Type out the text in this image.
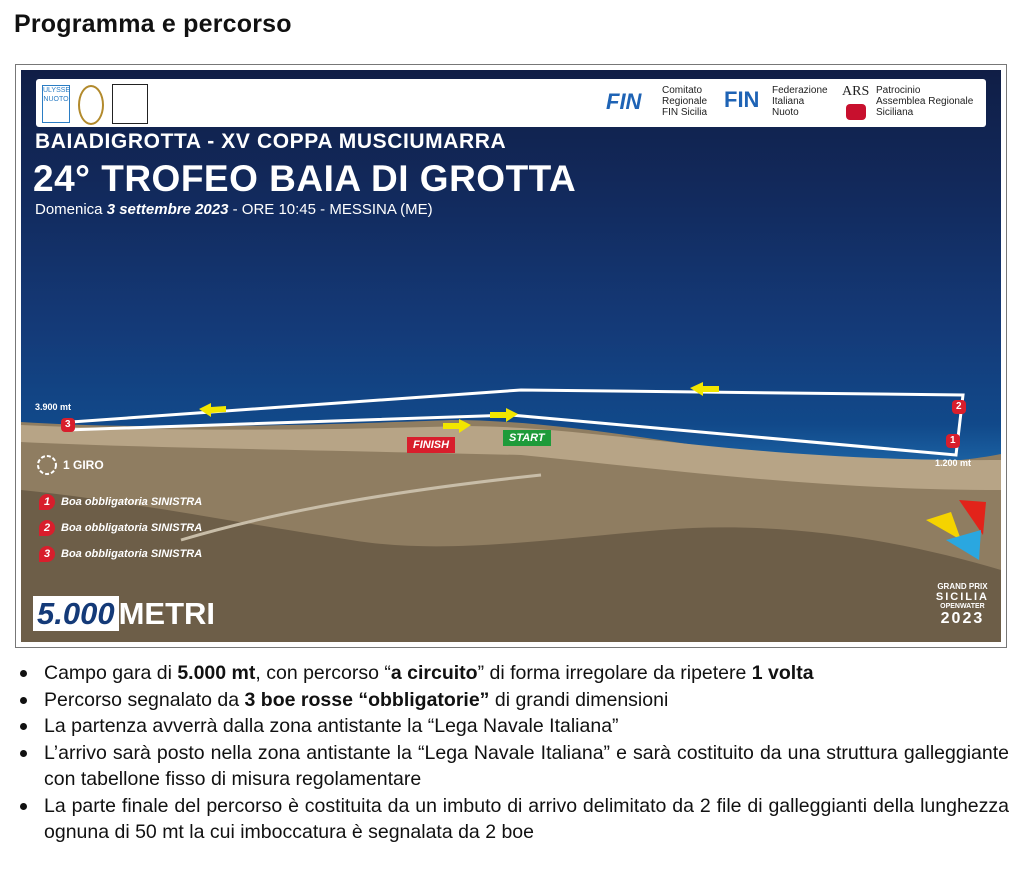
Programma e percorso
ULYSSE NUOTO	FIN Comitato
Regionale
FIN Sicilia
FIN Federazione
Italiana
Nuoto
ARS Patrocinio
Assemblea Regionale
Siciliana
BAIADIGROTTA - XV COPPA MUSCIUMARRA
24° TROFEO BAIA DI GROTTA
Domenica 3 settembre 2023 - ORE 10:45 - MESSINA (ME)
3.900 mt
1.200 mt
2
1
3
FINISH
START
1 GIRO
1 Boa obbligatoria SINISTRA
2 Boa obbligatoria SINISTRA
3 Boa obbligatoria SINISTRA
5.000 METRI
GRAND PRIX
SICILIA
OPENWATER
2023
Campo gara di 5.000 mt, con percorso “a circuito” di forma irregolare da ripetere 1 volta
Percorso segnalato da 3 boe rosse “obbligatorie” di grandi dimensioni
La partenza avverrà dalla zona antistante la “Lega Navale Italiana”
L’arrivo sarà posto nella zona antistante la “Lega Navale Italiana” e sarà costituito da una struttura galleggiante con tabellone fisso di misura regolamentare
La parte finale del percorso è costituita da un imbuto di arrivo delimitato da 2 file di galleggianti della lunghezza ognuna di 50 mt la cui imboccatura è segnalata da 2 boe
